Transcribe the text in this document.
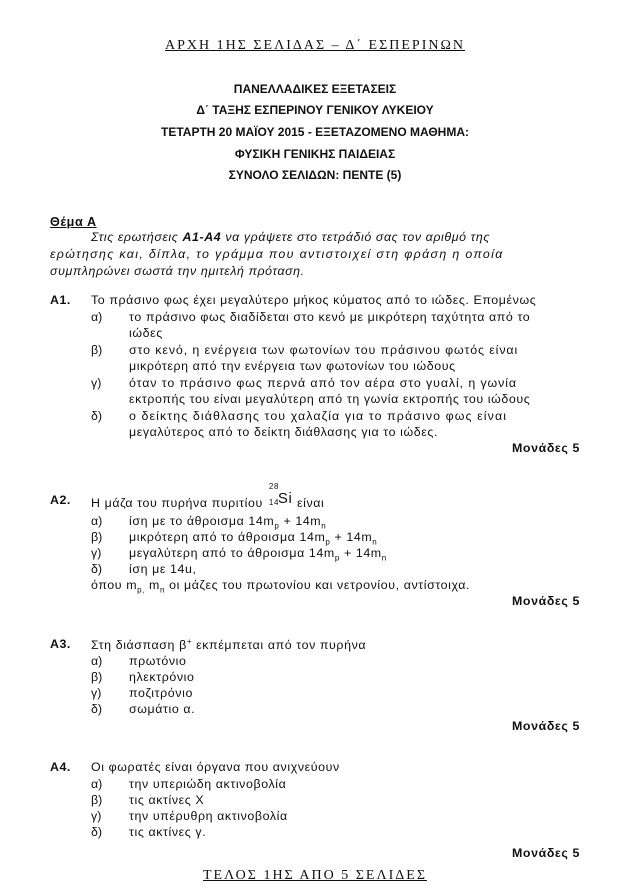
ΑΡΧΗ 1ΗΣ ΣΕΛΙΔΑΣ – Δ΄ ΕΣΠΕΡΙΝΩΝ
ΠΑΝΕΛΛΑΔΙΚΕΣ ΕΞΕΤΑΣΕΙΣ
Δ΄ ΤΑΞΗΣ ΕΣΠΕΡΙΝΟΥ ΓΕΝΙΚΟΥ ΛΥΚΕΙΟΥ
ΤΕΤΑΡΤΗ 20 ΜΑΪΟΥ 2015 - ΕΞΕΤΑΖΟΜΕΝΟ ΜΑΘΗΜΑ:
ΦΥΣΙΚΗ ΓΕΝΙΚΗΣ ΠΑΙΔΕΙΑΣ
ΣΥΝΟΛΟ ΣΕΛΙΔΩΝ: ΠΕΝΤΕ (5)
Θέμα Α
Στις ερωτήσεις Α1-Α4 να γράψετε στο τετράδιό σας τον αριθμό της
ερώτησης και, δίπλα, το γράμμα που αντιστοιχεί στη φράση η οποία
συμπληρώνει σωστά την ημιτελή πρόταση.
Α1. Το πράσινο φως έχει μεγαλύτερο μήκος κύματος από το ιώδες. Επομένως
α) το πράσινο φως διαδίδεται στο κενό με μικρότερη ταχύτητα από το
ιώδες
β) στο κενό, η ενέργεια των φωτονίων του πράσινου φωτός είναι
μικρότερη από την ενέργεια των φωτονίων του ιώδους
γ) όταν το πράσινο φως περνά από τον αέρα στο γυαλί, η γωνία
εκτροπής του είναι μεγαλύτερη από τη γωνία εκτροπής του ιώδους
δ) ο δείκτης διάθλασης του χαλαζία για το πράσινο φως είναι
μεγαλύτερος από το δείκτη διάθλασης για το ιώδες.
Μονάδες 5
Α2. Η μάζα του πυρήνα πυριτίου
28
14
Si είναι
α) ίση με το άθροισμα $14m_p + 14m_n$
β) μικρότερη από το άθροισμα $14m_p + 14m_n$
γ) μεγαλύτερη από το άθροισμα $14m_p + 14m_n$
δ) ίση με 14u,
όπου $m_{p,}$ $m_n$ οι μάζες του πρωτονίου και νετρονίου, αντίστοιχα.
Μονάδες 5
Α3. Στη διάσπαση β+ εκπέμπεται από τον πυρήνα
α) πρωτόνιο
β) ηλεκτρόνιο
γ) ποζιτρόνιο
δ) σωμάτιο α.
Μονάδες 5
Α4. Οι φωρατές είναι όργανα που ανιχνεύουν
α) την υπεριώδη ακτινοβολία
β) τις ακτίνες Χ
γ) την υπέρυθρη ακτινοβολία
δ) τις ακτίνες γ.
Μονάδες 5
ΤΕΛΟΣ 1ΗΣ ΑΠΟ 5 ΣΕΛΙΔΕΣ
